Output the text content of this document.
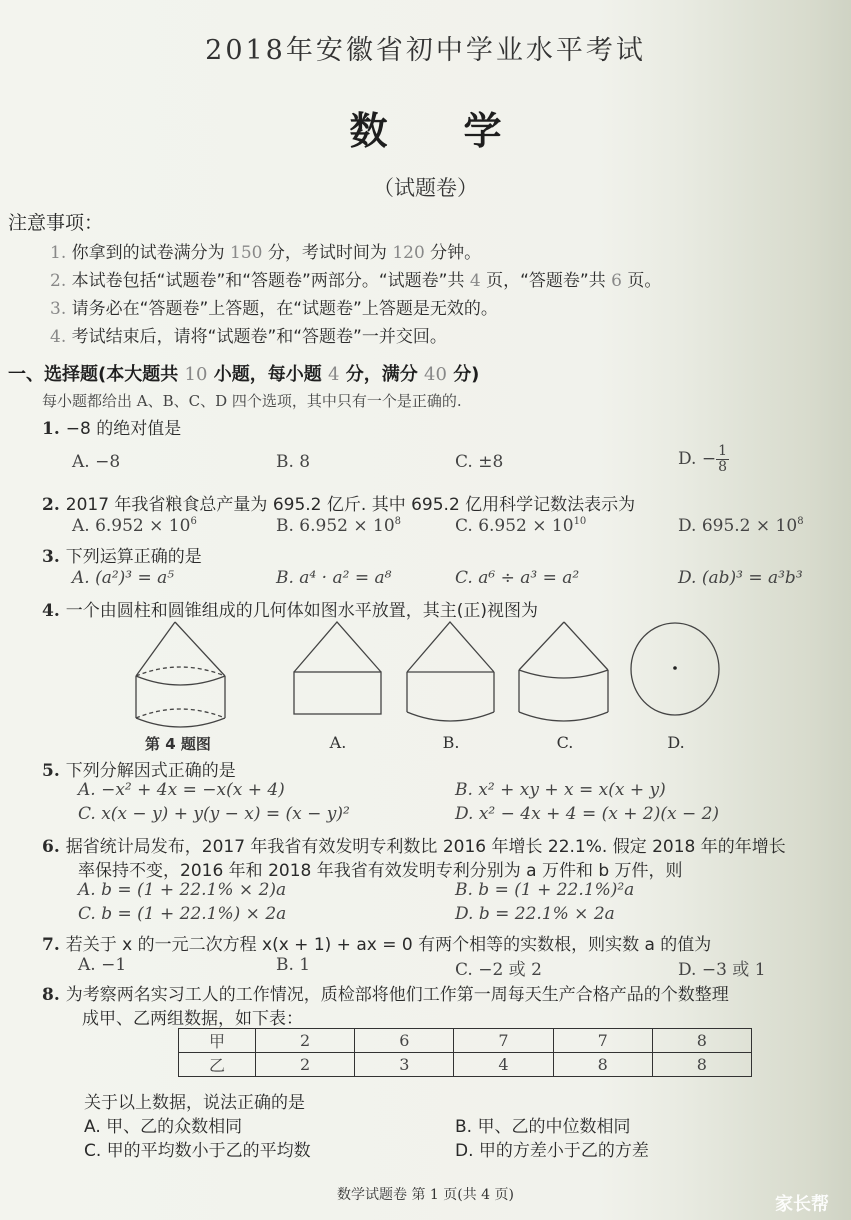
2018年安徽省初中学业水平考试
数 学
（试题卷）
注意事项：
1. 你拿到的试卷满分为 150 分，考试时间为 120 分钟。
2. 本试卷包括“试题卷”和“答题卷”两部分。“试题卷”共 4 页，“答题卷”共 6 页。
3. 请务必在“答题卷”上答题，在“试题卷”上答题是无效的。
4. 考试结束后，请将“试题卷”和“答题卷”一并交回。
一、选择题(本大题共 10 小题，每小题 4 分，满分 40 分)
每小题都给出 A、B、C、D 四个选项，其中只有一个是正确的.
1. −8 的绝对值是
A. −8	B. 8	C. ±8	D. − $\frac{1}{8}$
2. 2017 年我省粮食总产量为 695.2 亿斤. 其中 695.2 亿用科学记数法表示为
A. $6.952 \times 10^6$	B. $6.952 \times 10^8$	C. $6.952 \times 10^{10}$	D. $695.2 \times 10^8$
3. 下列运算正确的是
A. (a²)³ = a⁵	B. a⁴ · a² = a⁸	C. a⁶ ÷ a³ = a²	D. (ab)³ = a³b³
4. 一个由圆柱和圆锥组成的几何体如图水平放置，其主(正)视图为
第 4 题图	A.	B.	C.	D.
5. 下列分解因式正确的是
A. −x² + 4x = −x(x + 4)	B. x² + xy + x = x(x + y)
C. x(x − y) + y(y − x) = (x − y)²	D. x² − 4x + 4 = (x + 2)(x − 2)
6. 据省统计局发布，2017 年我省有效发明专利数比 2016 年增长 22.1%. 假定 2018 年的年增长
率保持不变，2016 年和 2018 年我省有效发明专利分别为 a 万件和 b 万件，则
A. b = (1 + 22.1% × 2)a	B. b = (1 + 22.1%)²a
C. b = (1 + 22.1%) × 2a	D. b = 22.1% × 2a
7. 若关于 x 的一元二次方程 x(x + 1) + ax = 0 有两个相等的实数根，则实数 a 的值为
A. −1	B. 1	C. −2 或 2	D. −3 或 1
8. 为考察两名实习工人的工作情况，质检部将他们工作第一周每天生产合格产品的个数整理
成甲、乙两组数据，如下表：
甲	2	6	7	7	8
乙	2	3	4	8	8
关于以上数据，说法正确的是
A. 甲、乙的众数相同	B. 甲、乙的中位数相同
C. 甲的平均数小于乙的平均数	D. 甲的方差小于乙的方差
数学试题卷 第 1 页(共 4 页)	家长帮
